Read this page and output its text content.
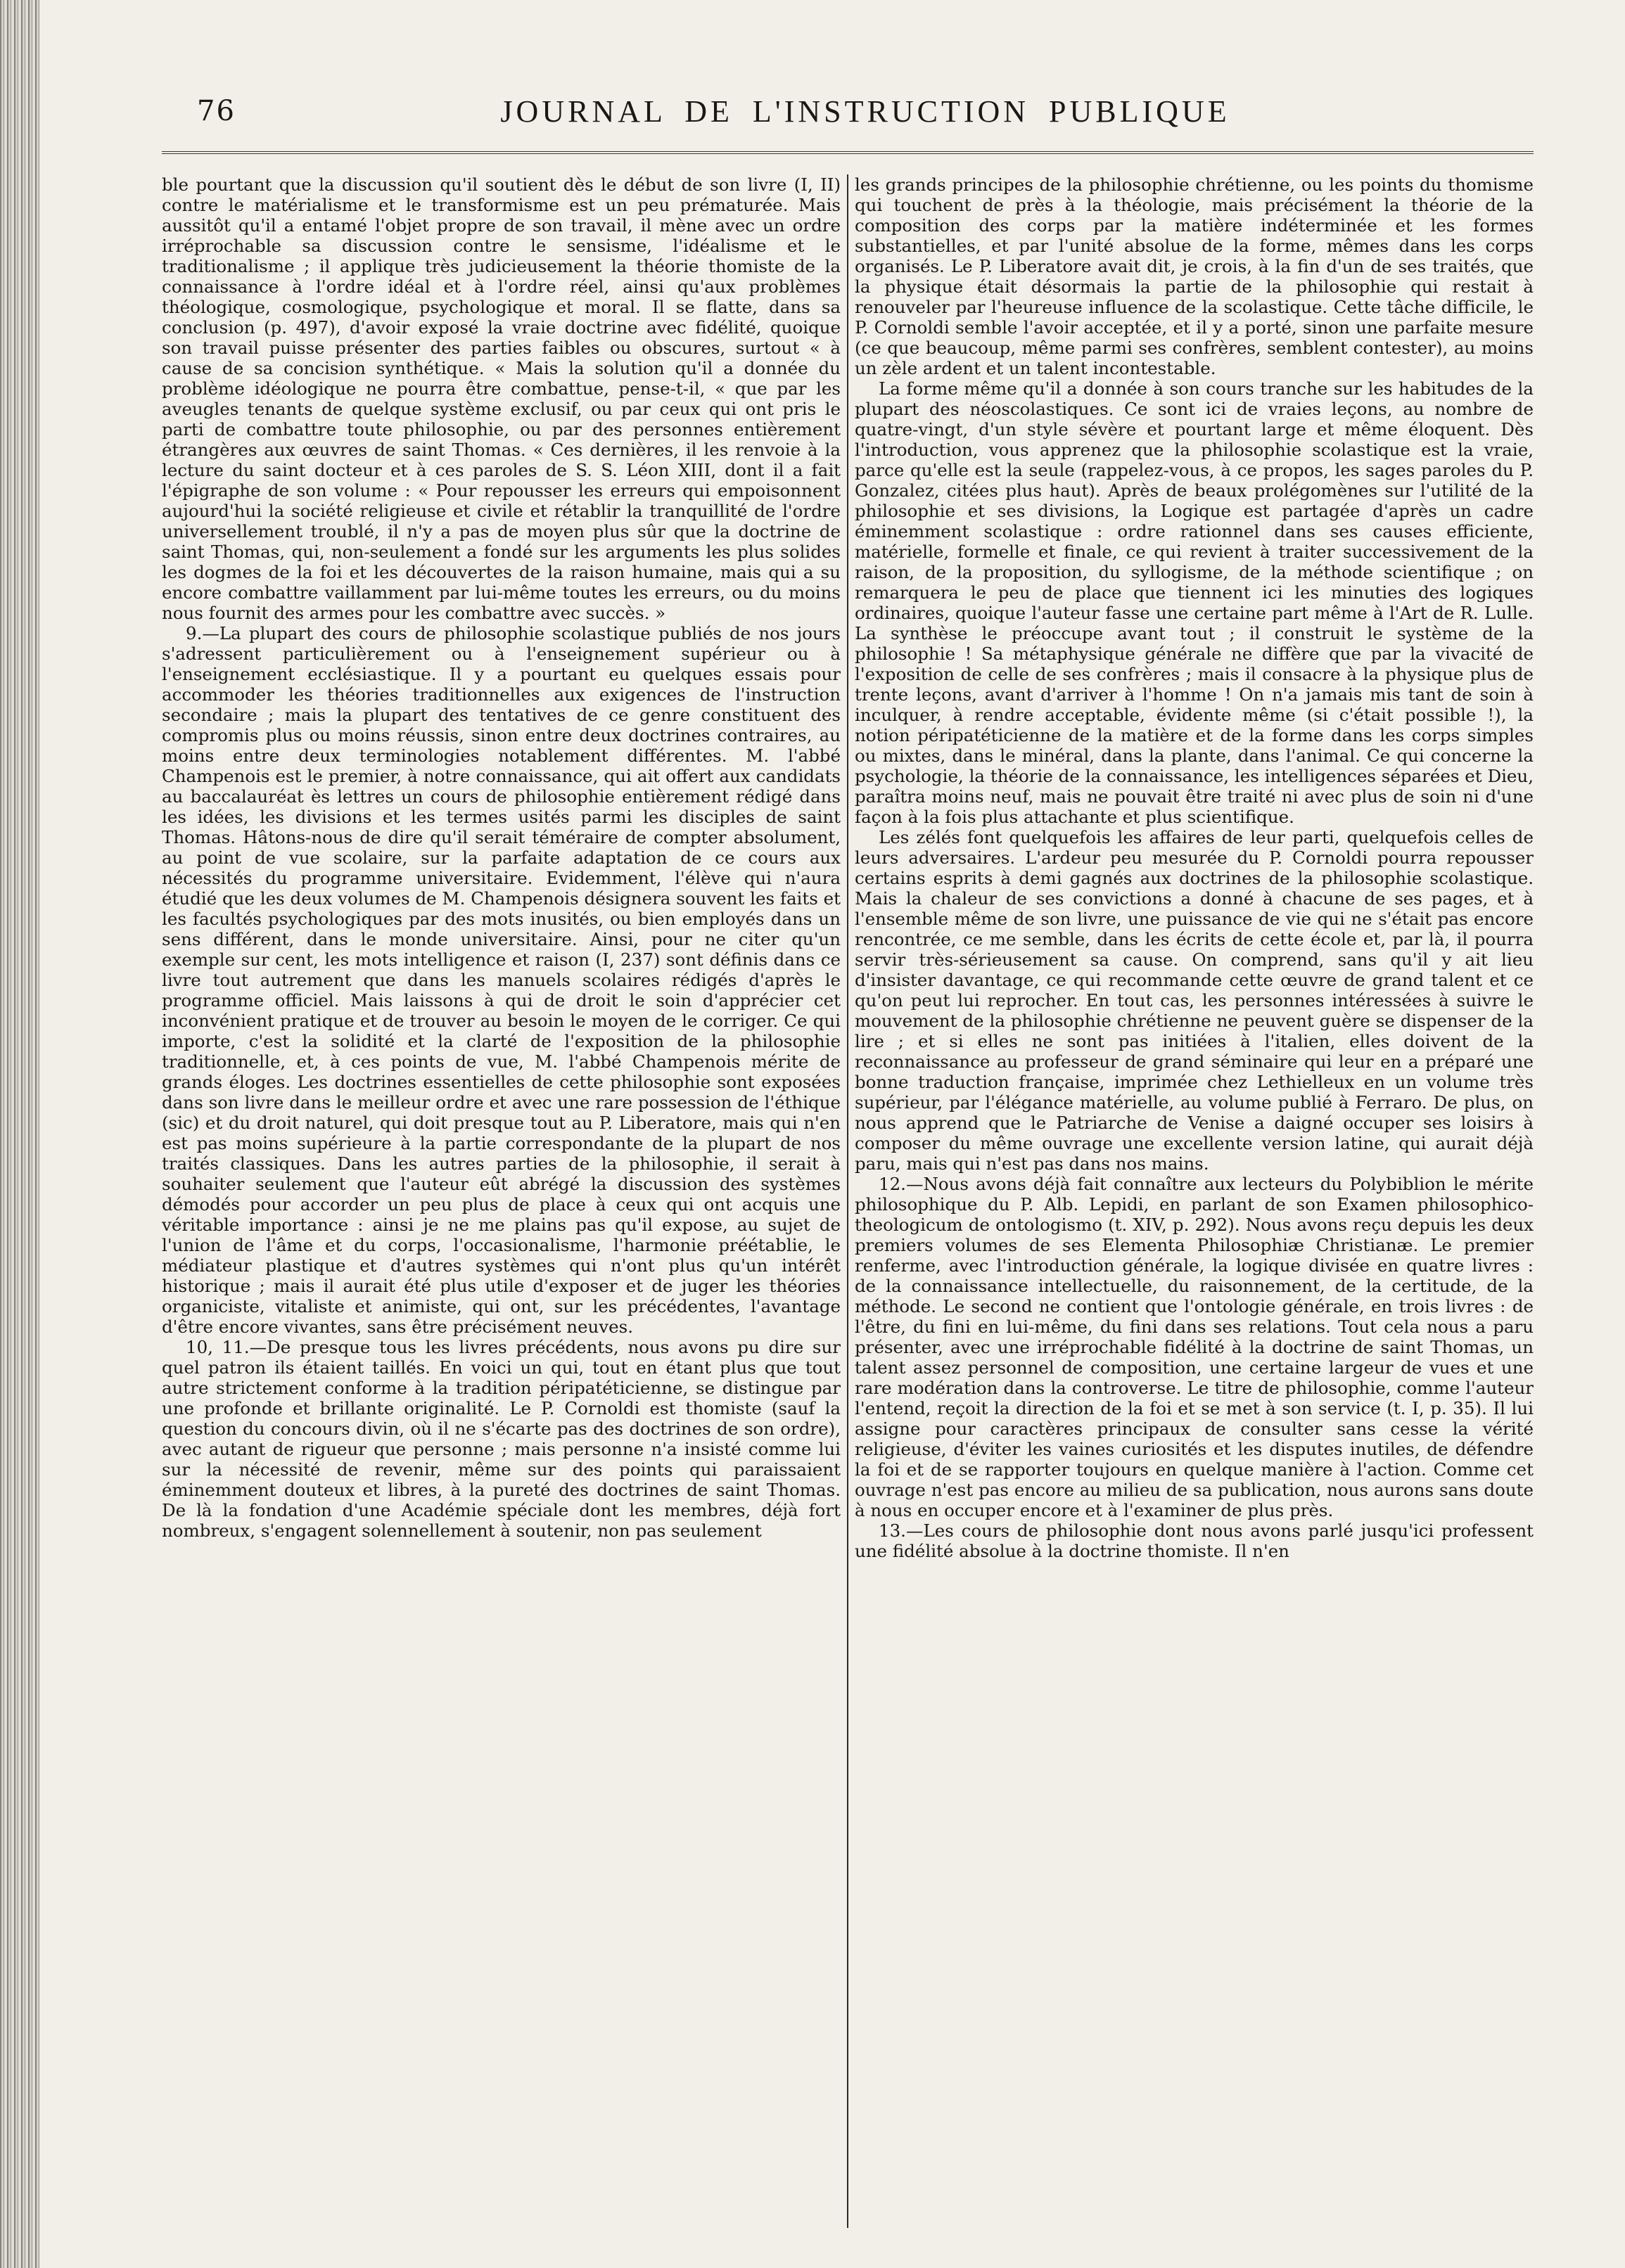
76	JOURNAL DE L'INSTRUCTION PUBLIQUE

ble pourtant que la discussion qu'il soutient dès le début de son livre (I, II) contre le matérialisme et le transformisme est un peu prématurée. Mais aussitôt qu'il a entamé l'objet propre de son travail, il mène avec un ordre irréprochable sa discussion contre le sensisme, l'idéalisme et le traditionalisme ; il applique très judicieusement la théorie thomiste de la connaissance à l'ordre idéal et à l'ordre réel, ainsi qu'aux problèmes théologique, cosmologique, psychologique et moral. Il se flatte, dans sa conclusion (p. 497), d'avoir exposé la vraie doctrine avec fidélité, quoique son travail puisse présenter des parties faibles ou obscures, surtout « à cause de sa concision synthétique. « Mais la solution qu'il a donnée du problème idéologique ne pourra être combattue, pense-t-il, « que par les aveugles tenants de quelque système exclusif, ou par ceux qui ont pris le parti de combattre toute philosophie, ou par des personnes entièrement étrangères aux œuvres de saint Thomas. « Ces dernières, il les renvoie à la lecture du saint docteur et à ces paroles de S. S. Léon XIII, dont il a fait l'épigraphe de son volume : « Pour repousser les erreurs qui empoisonnent aujourd'hui la société religieuse et civile et rétablir la tranquillité de l'ordre universellement troublé, il n'y a pas de moyen plus sûr que la doctrine de saint Thomas, qui, non-seulement a fondé sur les arguments les plus solides les dogmes de la foi et les découvertes de la raison humaine, mais qui a su encore combattre vaillamment par lui-même toutes les erreurs, ou du moins nous fournit des armes pour les combattre avec succès. »

9.—La plupart des cours de philosophie scolastique publiés de nos jours s'adressent particulièrement ou à l'enseignement supérieur ou à l'enseignement ecclésiastique. Il y a pourtant eu quelques essais pour accommoder les théories traditionnelles aux exigences de l'instruction secondaire ; mais la plupart des tentatives de ce genre constituent des compromis plus ou moins réussis, sinon entre deux doctrines contraires, au moins entre deux terminologies notablement différentes. M. l'abbé Champenois est le premier, à notre connaissance, qui ait offert aux candidats au baccalauréat ès lettres un cours de philosophie entièrement rédigé dans les idées, les divisions et les termes usités parmi les disciples de saint Thomas. Hâtons-nous de dire qu'il serait téméraire de compter absolument, au point de vue scolaire, sur la parfaite adaptation de ce cours aux nécessités du programme universitaire. Evidemment, l'élève qui n'aura étudié que les deux volumes de M. Champenois désignera souvent les faits et les facultés psychologiques par des mots inusités, ou bien employés dans un sens différent, dans le monde universitaire. Ainsi, pour ne citer qu'un exemple sur cent, les mots intelligence et raison (I, 237) sont définis dans ce livre tout autrement que dans les manuels scolaires rédigés d'après le programme officiel. Mais laissons à qui de droit le soin d'apprécier cet inconvénient pratique et de trouver au besoin le moyen de le corriger. Ce qui importe, c'est la solidité et la clarté de l'exposition de la philosophie traditionnelle, et, à ces points de vue, M. l'abbé Champenois mérite de grands éloges. Les doctrines essentielles de cette philosophie sont exposées dans son livre dans le meilleur ordre et avec une rare possession de l'éthique (sic) et du droit naturel, qui doit presque tout au P. Liberatore, mais qui n'en est pas moins supérieure à la partie correspondante de la plupart de nos traités classiques. Dans les autres parties de la philosophie, il serait à souhaiter seulement que l'auteur eût abrégé la discussion des systèmes démodés pour accorder un peu plus de place à ceux qui ont acquis une véritable importance : ainsi je ne me plains pas qu'il expose, au sujet de l'union de l'âme et du corps, l'occasionalisme, l'harmonie préétablie, le médiateur plastique et d'autres systèmes qui n'ont plus qu'un intérêt historique ; mais il aurait été plus utile d'exposer et de juger les théories organiciste, vitaliste et animiste, qui ont, sur les précédentes, l'avantage d'être encore vivantes, sans être précisément neuves.

10, 11.—De presque tous les livres précédents, nous avons pu dire sur quel patron ils étaient taillés. En voici un qui, tout en étant plus que tout autre strictement conforme à la tradition péripatéticienne, se distingue par une profonde et brillante originalité. Le P. Cornoldi est thomiste (sauf la question du concours divin, où il ne s'écarte pas des doctrines de son ordre), avec autant de rigueur que personne ; mais personne n'a insisté comme lui sur la nécessité de revenir, même sur des points qui paraissaient éminemment douteux et libres, à la pureté des doctrines de saint Thomas. De là la fondation d'une Académie spéciale dont les membres, déjà fort nombreux, s'engagent solennellement à soutenir, non pas seulement

les grands principes de la philosophie chrétienne, ou les points du thomisme qui touchent de près à la théologie, mais précisément la théorie de la composition des corps par la matière indéterminée et les formes substantielles, et par l'unité absolue de la forme, mêmes dans les corps organisés. Le P. Liberatore avait dit, je crois, à la fin d'un de ses traités, que la physique était désormais la partie de la philosophie qui restait à renouveler par l'heureuse influence de la scolastique. Cette tâche difficile, le P. Cornoldi semble l'avoir acceptée, et il y a porté, sinon une parfaite mesure (ce que beaucoup, même parmi ses confrères, semblent contester), au moins un zèle ardent et un talent incontestable.

La forme même qu'il a donnée à son cours tranche sur les habitudes de la plupart des néoscolastiques. Ce sont ici de vraies leçons, au nombre de quatre-vingt, d'un style sévère et pourtant large et même éloquent. Dès l'introduction, vous apprenez que la philosophie scolastique est la vraie, parce qu'elle est la seule (rappelez-vous, à ce propos, les sages paroles du P. Gonzalez, citées plus haut). Après de beaux prolégomènes sur l'utilité de la philosophie et ses divisions, la Logique est partagée d'après un cadre éminemment scolastique : ordre rationnel dans ses causes efficiente, matérielle, formelle et finale, ce qui revient à traiter successivement de la raison, de la proposition, du syllogisme, de la méthode scientifique ; on remarquera le peu de place que tiennent ici les minuties des logiques ordinaires, quoique l'auteur fasse une certaine part même à l'Art de R. Lulle. La synthèse le préoccupe avant tout ; il construit le système de la philosophie ! Sa métaphysique générale ne diffère que par la vivacité de l'exposition de celle de ses confrères ; mais il consacre à la physique plus de trente leçons, avant d'arriver à l'homme ! On n'a jamais mis tant de soin à inculquer, à rendre acceptable, évidente même (si c'était possible !), la notion péripatéticienne de la matière et de la forme dans les corps simples ou mixtes, dans le minéral, dans la plante, dans l'animal. Ce qui concerne la psychologie, la théorie de la connaissance, les intelligences séparées et Dieu, paraîtra moins neuf, mais ne pouvait être traité ni avec plus de soin ni d'une façon à la fois plus attachante et plus scientifique.

Les zélés font quelquefois les affaires de leur parti, quelquefois celles de leurs adversaires. L'ardeur peu mesurée du P. Cornoldi pourra repousser certains esprits à demi gagnés aux doctrines de la philosophie scolastique. Mais la chaleur de ses convictions a donné à chacune de ses pages, et à l'ensemble même de son livre, une puissance de vie qui ne s'était pas encore rencontrée, ce me semble, dans les écrits de cette école et, par là, il pourra servir très-sérieusement sa cause. On comprend, sans qu'il y ait lieu d'insister davantage, ce qui recommande cette œuvre de grand talent et ce qu'on peut lui reprocher. En tout cas, les personnes intéressées à suivre le mouvement de la philosophie chrétienne ne peuvent guère se dispenser de la lire ; et si elles ne sont pas initiées à l'italien, elles doivent de la reconnaissance au professeur de grand séminaire qui leur en a préparé une bonne traduction française, imprimée chez Lethielleux en un volume très supérieur, par l'élégance matérielle, au volume publié à Ferraro. De plus, on nous apprend que le Patriarche de Venise a daigné occuper ses loisirs à composer du même ouvrage une excellente version latine, qui aurait déjà paru, mais qui n'est pas dans nos mains.

12.—Nous avons déjà fait connaître aux lecteurs du Polybiblion le mérite philosophique du P. Alb. Lepidi, en parlant de son Examen philosophico-theologicum de ontologismo (t. XIV, p. 292). Nous avons reçu depuis les deux premiers volumes de ses Elementa Philosophiæ Christianæ. Le premier renferme, avec l'introduction générale, la logique divisée en quatre livres : de la connaissance intellectuelle, du raisonnement, de la certitude, de la méthode. Le second ne contient que l'ontologie générale, en trois livres : de l'être, du fini en lui-même, du fini dans ses relations. Tout cela nous a paru présenter, avec une irréprochable fidélité à la doctrine de saint Thomas, un talent assez personnel de composition, une certaine largeur de vues et une rare modération dans la controverse. Le titre de philosophie, comme l'auteur l'entend, reçoit la direction de la foi et se met à son service (t. I, p. 35). Il lui assigne pour caractères principaux de consulter sans cesse la vérité religieuse, d'éviter les vaines curiosités et les disputes inutiles, de défendre la foi et de se rapporter toujours en quelque manière à l'action. Comme cet ouvrage n'est pas encore au milieu de sa publication, nous aurons sans doute à nous en occuper encore et à l'examiner de plus près.

13.—Les cours de philosophie dont nous avons parlé jusqu'ici professent une fidélité absolue à la doctrine thomiste. Il n'en
